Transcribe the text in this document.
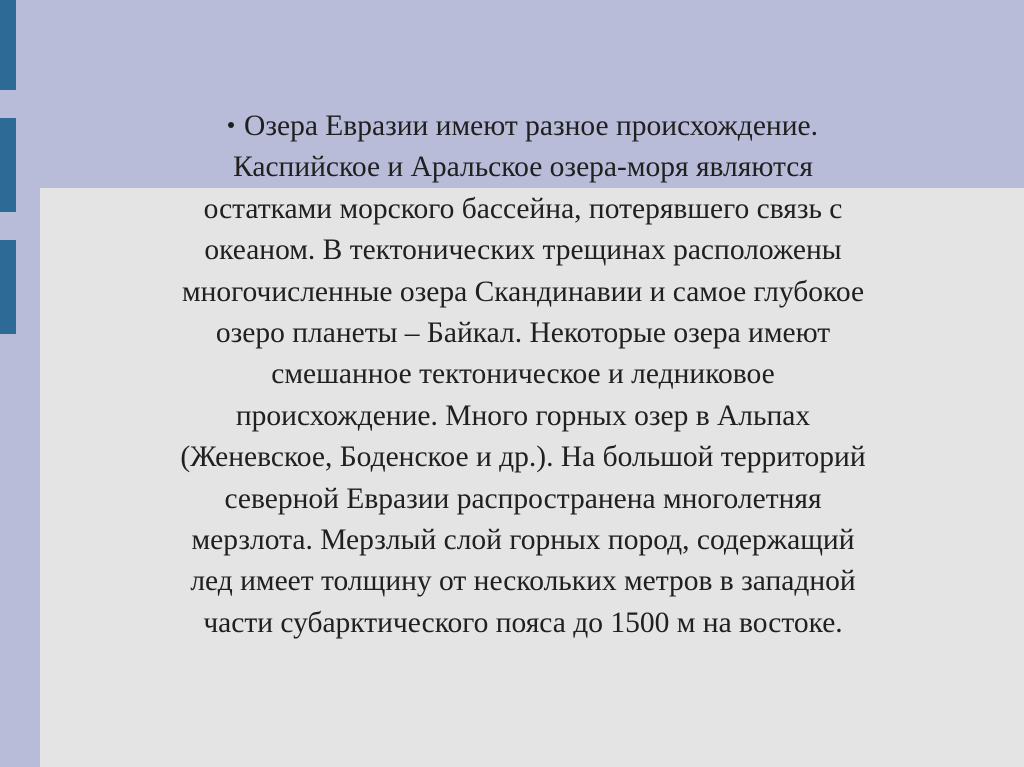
Озера Евразии имеют разное происхождение.
Каспийское и Аральское озера-моря являются
остатками морского бассейна, потерявшего связь с
океаном. В тектонических трещинах расположены
многочисленные озера Скандинавии и самое глубокое
озеро планеты – Байкал. Некоторые озера имеют
смешанное тектоническое и ледниковое
происхождение. Много горных озер в Альпах
(Женевское, Боденское и др.). На большой территорий
северной Евразии распространена многолетняя
мерзлота. Мерзлый слой горных пород, содержащий
лед имеет толщину от нескольких метров в западной
части субарктического пояса до 1500 м на востоке.
